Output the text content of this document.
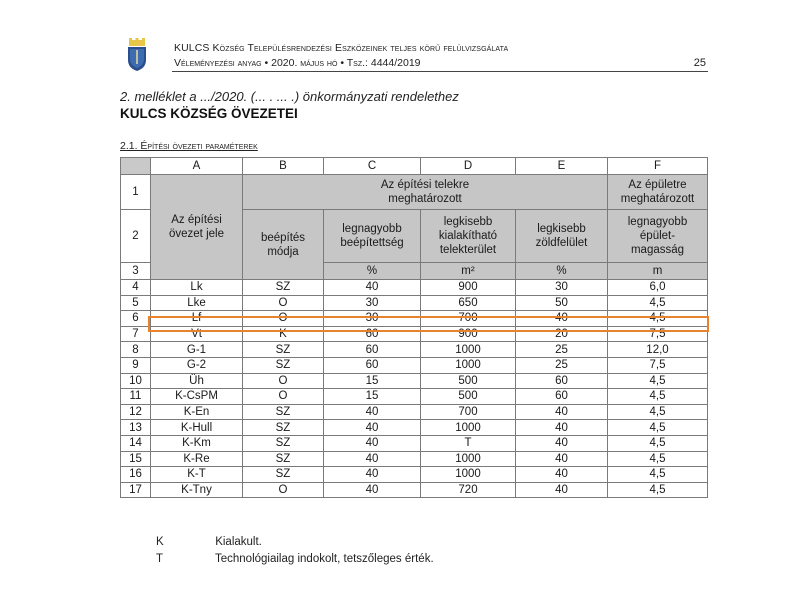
KULCS Község Településrendezési Eszközeinek teljes körű felülvizsgálata
Véleményezési anyag • 2020. május hó • Tsz.: 4444/2019	25
2. melléklet a .../2020. (... . ... .) önkormányzati rendelethez
KULCS KÖZSÉG ÖVEZETEI
2.1. Építési övezeti paraméterek
	A	B	C	D	E	F
1	Az építési övezet jele	Az építési telekre meghatározott				Az épületre meghatározott
2		beépítés módja	legnagyobb beépítettség	legkisebb kialakítható telekterület	legkisebb zöldfelület	legnagyobb épület-magasság
3			%	m²	%	m
4	Lk	SZ	40	900	30	6,0
5	Lke	O	30	650	50	4,5
6	Lf	O	30	700	40	4,5
7	Vt	K	60	900	20	7,5
8	G-1	SZ	60	1000	25	12,0
9	G-2	SZ	60	1000	25	7,5
10	Üh	O	15	500	60	4,5
11	K-CsPM	O	15	500	60	4,5
12	K-En	SZ	40	700	40	4,5
13	K-Hull	SZ	40	1000	40	4,5
14	K-Km	SZ	40	T	40	4,5
15	K-Re	SZ	40	1000	40	4,5
16	K-T	SZ	40	1000	40	4,5
17	K-Tny	O	40	720	40	4,5
K	Kialakult.
T	Technológiailag indokolt, tetszőleges érték.
